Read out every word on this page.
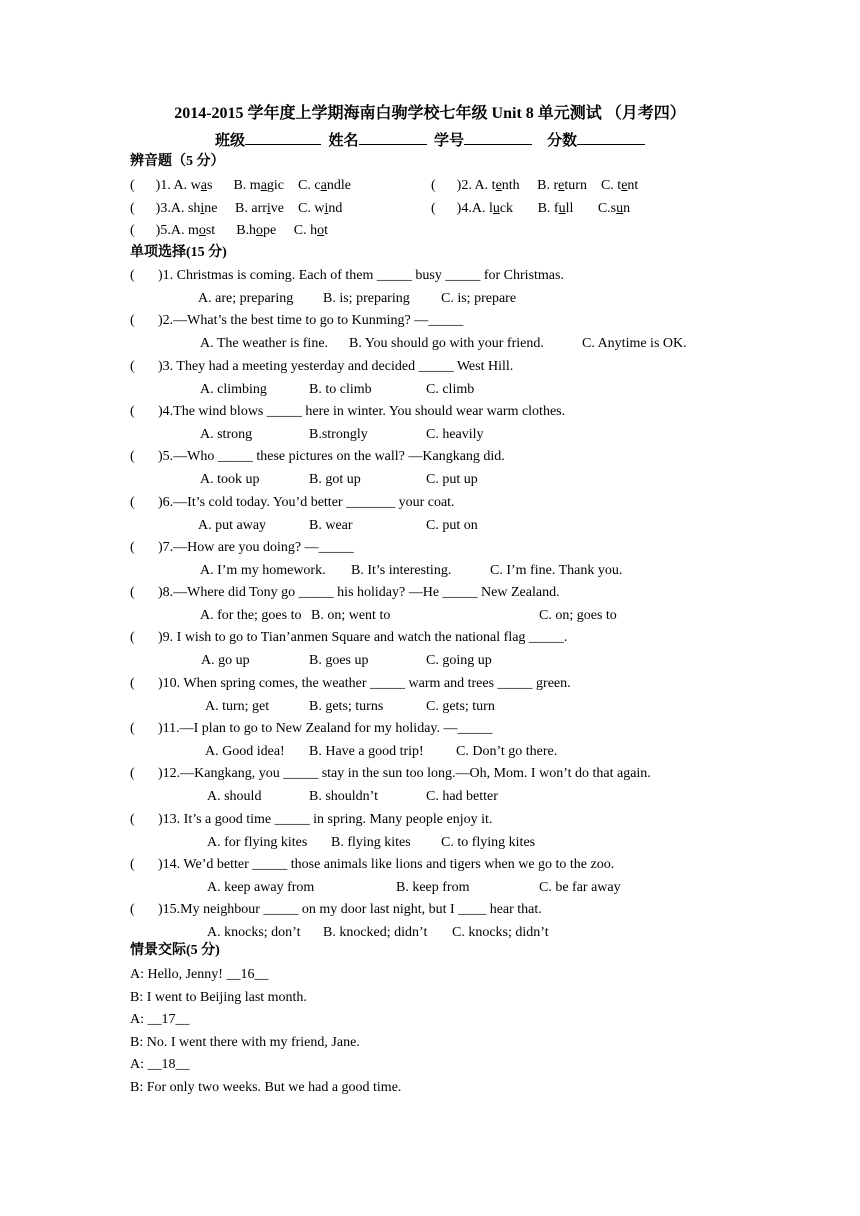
2014-2015 学年度上学期海南白驹学校七年级 Unit 8 单元测试 （月考四）
班级	姓名	学号	分数
辨音题（5 分）
(      )1. A. was B. magic C. candle	(      )2. A. tenth B. return C. tent
(      )3.A. shine B. arrive C. wind	(      )4.A. luck B. full C.sun
(      )5.A. most B.hope C. hot
单项选择(15 分)
( )1. Christmas is coming. Each of them _____ busy _____ for Christmas.
A. are; preparing B. is; preparing C. is; prepare
( )2.—What’s the best time to go to Kunming? —_____
A. The weather is fine. B. You should go with your friend.	C. Anytime is OK.
( )3. They had a meeting yesterday and decided _____ West Hill.
A. climbing	B. to climb	C. climb
( )4.The wind blows _____ here in winter. You should wear warm clothes.
A. strong	B.strongly	C. heavily
( )5.—Who _____ these pictures on the wall? —Kangkang did.
A. took up	B. got up	C. put up
( )6.—It’s cold today. You’d better _______ your coat.
A. put away	B. wear	C. put on
( )7.—How are you doing? —_____
A. I’m my homework. B. It’s interesting.	C. I’m fine. Thank you.
( )8.—Where did Tony go _____ his holiday? —He _____ New Zealand.
A. for the; goes to B. on; went to	C. on; goes to
( )9. I wish to go to Tian’anmen Square and watch the national flag _____.
A. go up	B. goes up	C. going up
( )10. When spring comes, the weather _____ warm and trees _____ green.
A. turn; get	B. gets; turns	C. gets; turn
( )11.—I plan to go to New Zealand for my holiday. —_____
A. Good idea! B. Have a good trip! C. Don’t go there.
( )12.—Kangkang, you _____ stay in the sun too long.—Oh, Mom. I won’t do that again.
A. should	B. shouldn’t	C. had better
( )13. It’s a good time _____ in spring. Many people enjoy it.
A. for flying kites B. flying kites C. to flying kites
( )14. We’d better _____ those animals like lions and tigers when we go to the zoo.
A. keep away from	B. keep from	C. be far away
( )15.My neighbour _____ on my door last night, but I ____ hear that.
A. knocks; don’t B. knocked; didn’t C. knocks; didn’t
情景交际(5 分)
A: Hello, Jenny! __16__
B: I went to Beijing last month.
A: __17__
B: No. I went there with my friend, Jane.
A: __18__
B: For only two weeks. But we had a good time.
